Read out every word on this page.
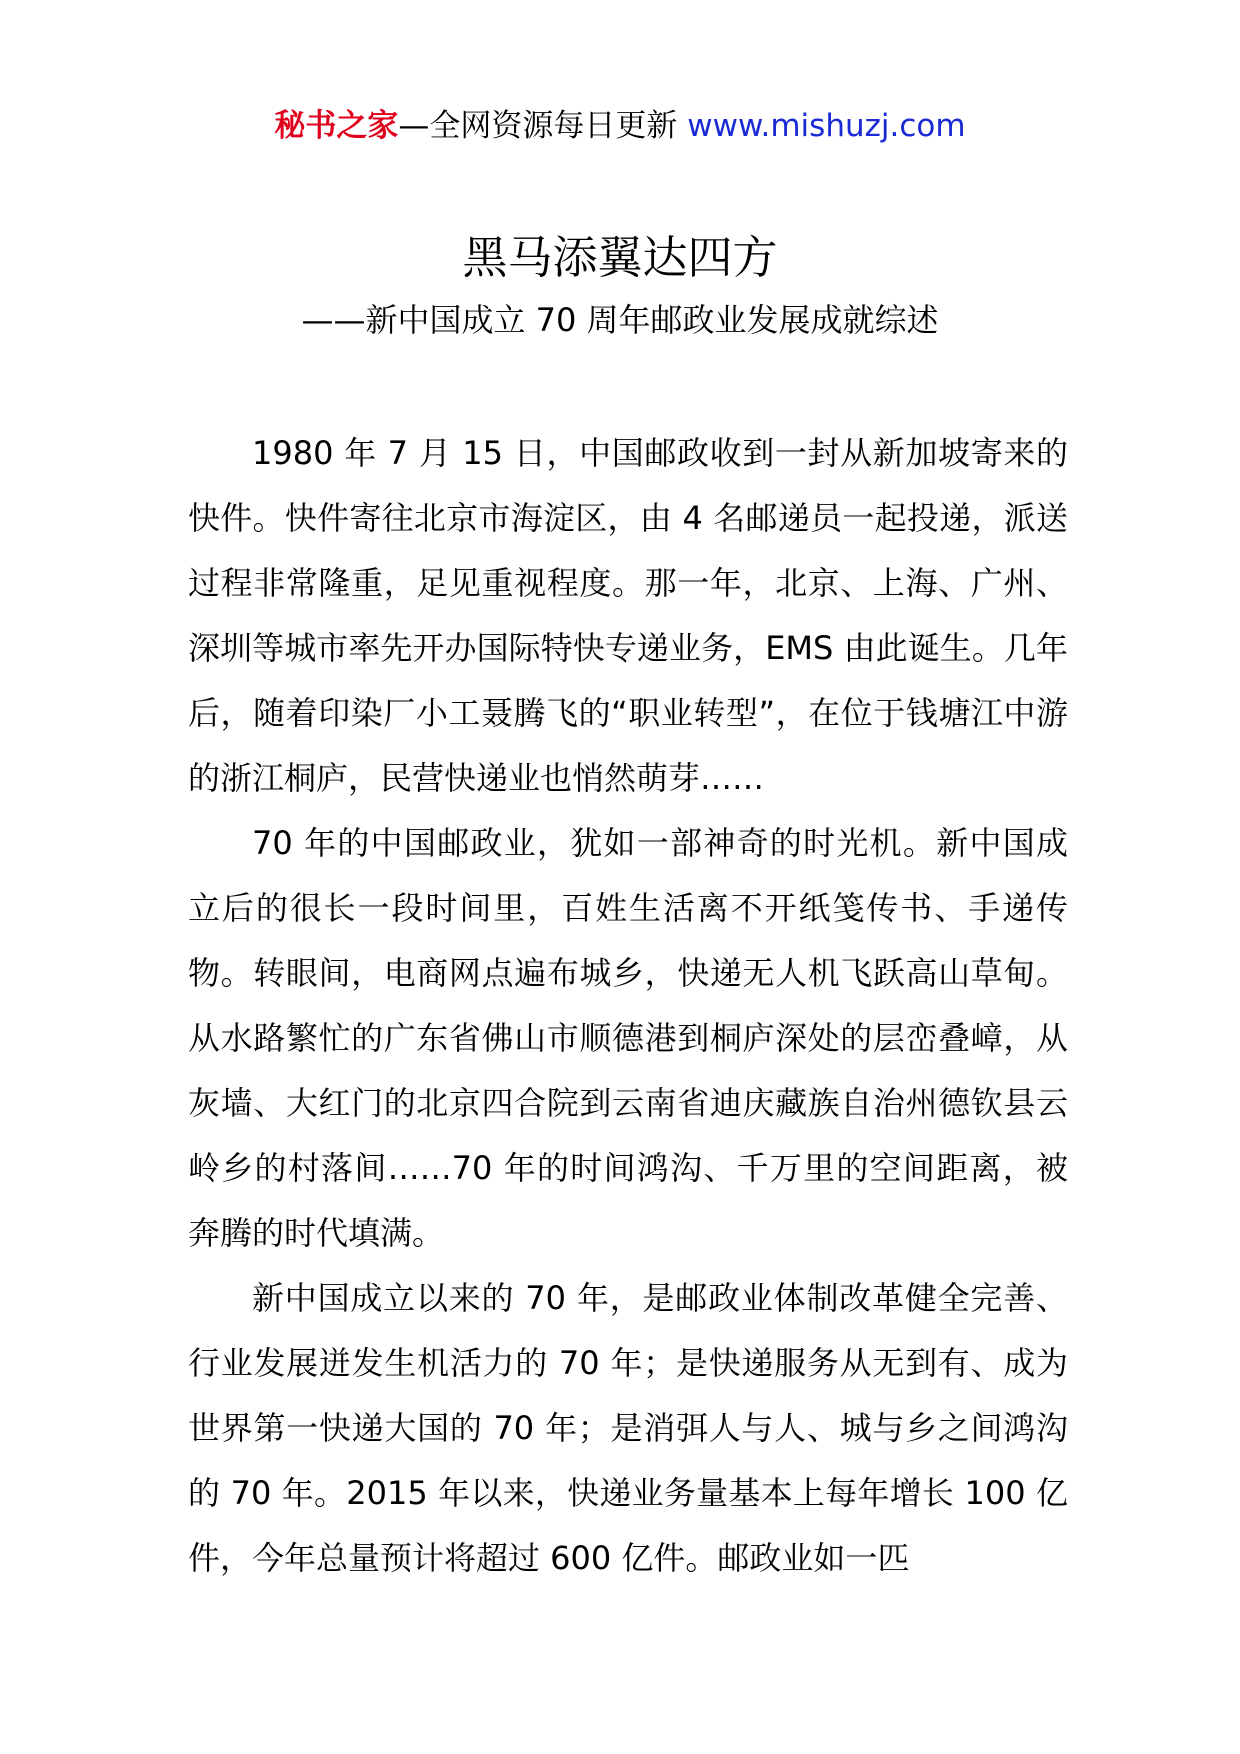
秘书之家—全网资源每日更新 www.mishuzj.com
黑马添翼达四方
——新中国成立 70 周年邮政业发展成就综述

1980 年 7 月 15 日，中国邮政收到一封从新加坡寄来的快件。快件寄往北京市海淀区，由 4 名邮递员一起投递，派送过程非常隆重，足见重视程度。那一年，北京、上海、广州、深圳等城市率先开办国际特快专递业务，EMS 由此诞生。几年后，随着印染厂小工聂腾飞的“职业转型”，在位于钱塘江中游的浙江桐庐，民营快递业也悄然萌芽……

70 年的中国邮政业，犹如一部神奇的时光机。新中国成立后的很长一段时间里，百姓生活离不开纸笺传书、手递传物。转眼间，电商网点遍布城乡，快递无人机飞跃高山草甸。从水路繁忙的广东省佛山市顺德港到桐庐深处的层峦叠嶂，从灰墙、大红门的北京四合院到云南省迪庆藏族自治州德钦县云岭乡的村落间……70 年的时间鸿沟、千万里的空间距离，被奔腾的时代填满。

新中国成立以来的 70 年，是邮政业体制改革健全完善、行业发展迸发生机活力的 70 年；是快递服务从无到有、成为世界第一快递大国的 70 年；是消弭人与人、城与乡之间鸿沟的 70 年。2015 年以来，快递业务量基本上每年增长 100 亿件，今年总量预计将超过 600 亿件。邮政业如一匹
